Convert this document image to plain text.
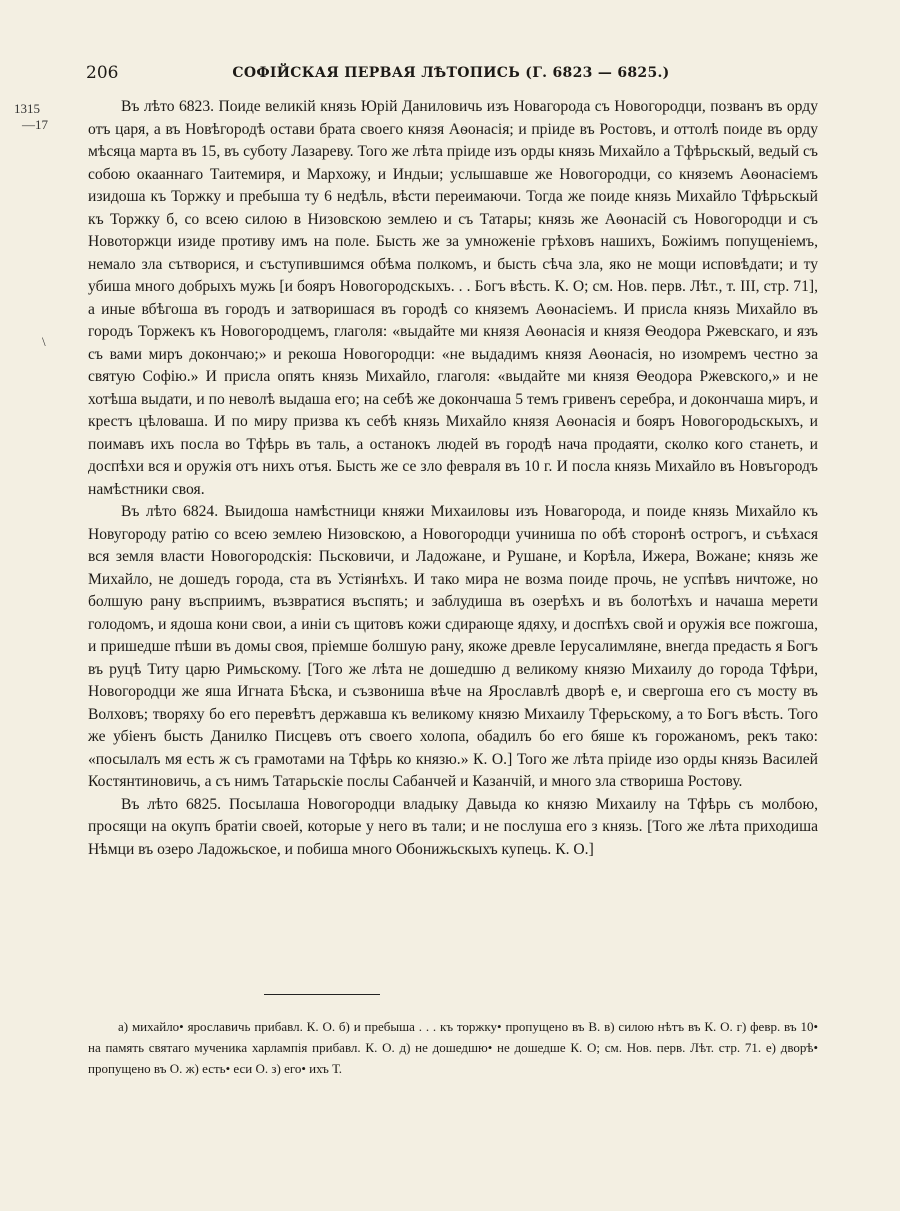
206	СОФІЙСКАЯ ПЕРВАЯ ЛѢТОПИСЬ (Г. 6823 — 6825.)
1315
—17
\

Въ лѣто 6823. Поиде великій князь Юрій Даниловичь изъ Новагорода съ Новогородци, позванъ въ орду отъ царя, а въ Новѣгородѣ остави брата своего князя Аѳонасія; и пріиде въ Ростовъ, и оттолѣ поиде въ орду мѣсяца марта въ 15, въ суботу Лазареву. Того же лѣта пріиде изъ орды князь Михайло а Тфѣрьскый, ведый съ собою окааннаго Таитемиря, и Мархожу, и Индыи; услышавше же Новогородци, со княземъ Аѳонасіемъ изидоша къ Торжку и пребыша ту 6 недѣль, вѣсти переимаючи. Тогда же поиде князь Михайло Тфѣрьскый къ Торжку б, со всею силою в Низовскою землею и съ Татары; князь же Аѳонасій съ Новогородци и съ Новоторжци изиде противу имъ на поле. Бысть же за умноженіе грѣховъ нашихъ, Божіимъ попущеніемъ, немало зла сътворися, и съступившимся обѣма полкомъ, и бысть сѣча зла, яко не мощи исповѣдати; и ту убиша много добрыхъ мужь [и бояръ Новогородскыхъ. . . Богъ вѣсть. К. О; см. Нов. перв. Лѣт., т. III, стр. 71], а иные вбѣгоша въ городъ и затворишася въ городѣ со княземъ Аѳонасіемъ. И присла князь Михайло въ городъ Торжекъ къ Новогородцемъ, глаголя: «выдайте ми князя Аѳонасія и князя Ѳеодора Ржевскаго, и язъ съ вами миръ докончаю;» и рекоша Новогородци: «не выдадимъ князя Аѳонасія, но изомремъ честно за святую Софію.» И присла опять князь Михайло, глаголя: «выдайте ми князя Ѳеодора Ржевского,» и не хотѣша выдати, и по неволѣ выдаша его; на себѣ же докончаша 5 темъ гривенъ серебра, и докончаша миръ, и крестъ цѣловаша. И по миру призва къ себѣ князь Михайло князя Аѳонасія и бояръ Новогородьскыхъ, и поимавъ ихъ посла во Тфѣрь въ таль, а останокъ людей въ городѣ нача продаяти, сколко кого станеть, и доспѣхи вся и оружія отъ нихъ отъя. Бысть же се зло февраля въ 10 г. И посла князь Михайло въ Новъгородъ намѣстники своя.

Въ лѣто 6824. Выидоша намѣстници княжи Михаиловы изъ Новагорода, и поиде князь Михайло къ Новугороду ратію со всею землею Низовскою, а Новогородци учиниша по обѣ сторонѣ острогъ, и съѣхася вся земля власти Новогородскія: Пьсковичи, и Ладожане, и Рушане, и Корѣла, Ижера, Вожане; князь же Михайло, не дошедъ города, ста въ Устіянѣхъ. И тако мира не возма поиде прочь, не успѣвъ ничтоже, но болшую рану въсприимъ, възвратися въспять; и заблудиша въ озерѣхъ и въ болотѣхъ и начаша мерети голодомъ, и ядоша кони свои, а иніи съ щитовъ кожи сдирающе ядяху, и доспѣхъ свой и оружія все пожгоша, и пришедше пѣши въ домы своя, пріемше болшую рану, якоже древле Іерусалимляне, внегда предасть я Богъ въ руцѣ Титу царю Римьскому. [Того же лѣта не дошедшю д великому князю Михаилу до города Тфѣри, Новогородци же яша Игната Бѣска, и съзвониша вѣче на Ярославлѣ дворѣ е, и свергоша его съ мосту въ Волховъ; творяху бо его перевѣтъ державша къ великому князю Михаилу Тферьскому, а то Богъ вѣсть. Того же убіенъ бысть Данилко Писцевъ отъ своего холопа, обадилъ бо его бяше къ горожаномъ, рекъ тако: «посылалъ мя есть ж съ грамотами на Тфѣрь ко князю.» К. О.] Того же лѣта пріиде изо орды князь Василей Костянтиновичь, а съ нимъ Татарьскіе послы Сабанчей и Казанчій, и много зла створиша Ростову.

Въ лѣто 6825. Посылаша Новогородци владыку Давыда ко князю Михаилу на Тфѣрь съ молбою, просящи на окупъ братіи своей, которые у него въ тали; и не послуша его з князь. [Того же лѣта приходиша Нѣмци въ озеро Ладожьское, и побиша много Обонижьскыхъ купець. К. О.]

а) михайло• ярославичь прибавл. К. О. б) и пребыша . . . къ торжку• пропущено въ В. в) силою нѣтъ въ К. О. г) февр. въ 10• на память святаго мученика харлампія прибавл. К. О. д) не дошедшю• не дошедше К. О; см. Нов. перв. Лѣт. стр. 71. е) дворѣ• пропущено въ О. ж) есть• еси О. з) его• ихъ Т.
